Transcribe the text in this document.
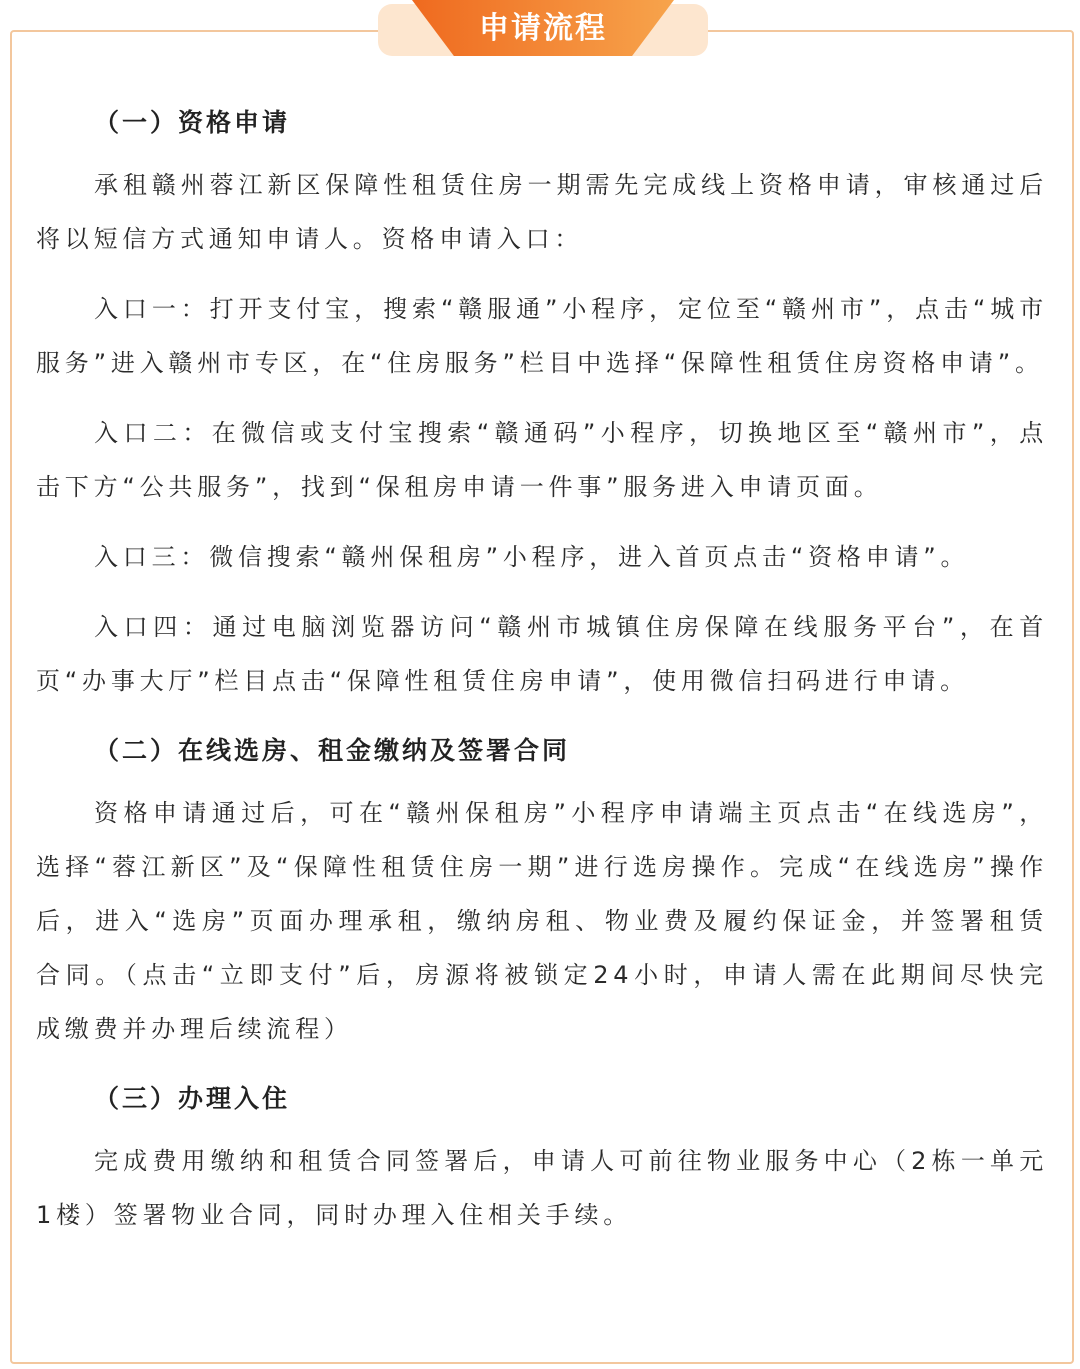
申请流程
（一）资格申请

承租赣州蓉江新区保障性租赁住房一期需先完成线上资格申请，审核通过后将以短信方式通知申请人。资格申请入口：

入口一：打开支付宝，搜索“赣服通”小程序，定位至“赣州市”，点击“城市服务”进入赣州市专区，在“住房服务”栏目中选择“保障性租赁住房资格申请”。

入口二：在微信或支付宝搜索“赣通码”小程序，切换地区至“赣州市”，点击下方“公共服务”，找到“保租房申请一件事”服务进入申请页面。

入口三：微信搜索“赣州保租房”小程序，进入首页点击“资格申请”。

入口四：通过电脑浏览器访问“赣州市城镇住房保障在线服务平台”，在首页“办事大厅”栏目点击“保障性租赁住房申请”，使用微信扫码进行申请。

（二）在线选房、租金缴纳及签署合同

资格申请通过后，可在“赣州保租房”小程序申请端主页点击“在线选房”，选择“蓉江新区”及“保障性租赁住房一期”进行选房操作。完成“在线选房”操作后，进入“选房”页面办理承租，缴纳房租、物业费及履约保证金，并签署租赁合同。（点击“立即支付”后，房源将被锁定24小时，申请人需在此期间尽快完成缴费并办理后续流程）

（三）办理入住

完成费用缴纳和租赁合同签署后，申请人可前往物业服务中心（2栋一单元1楼）签署物业合同，同时办理入住相关手续。
